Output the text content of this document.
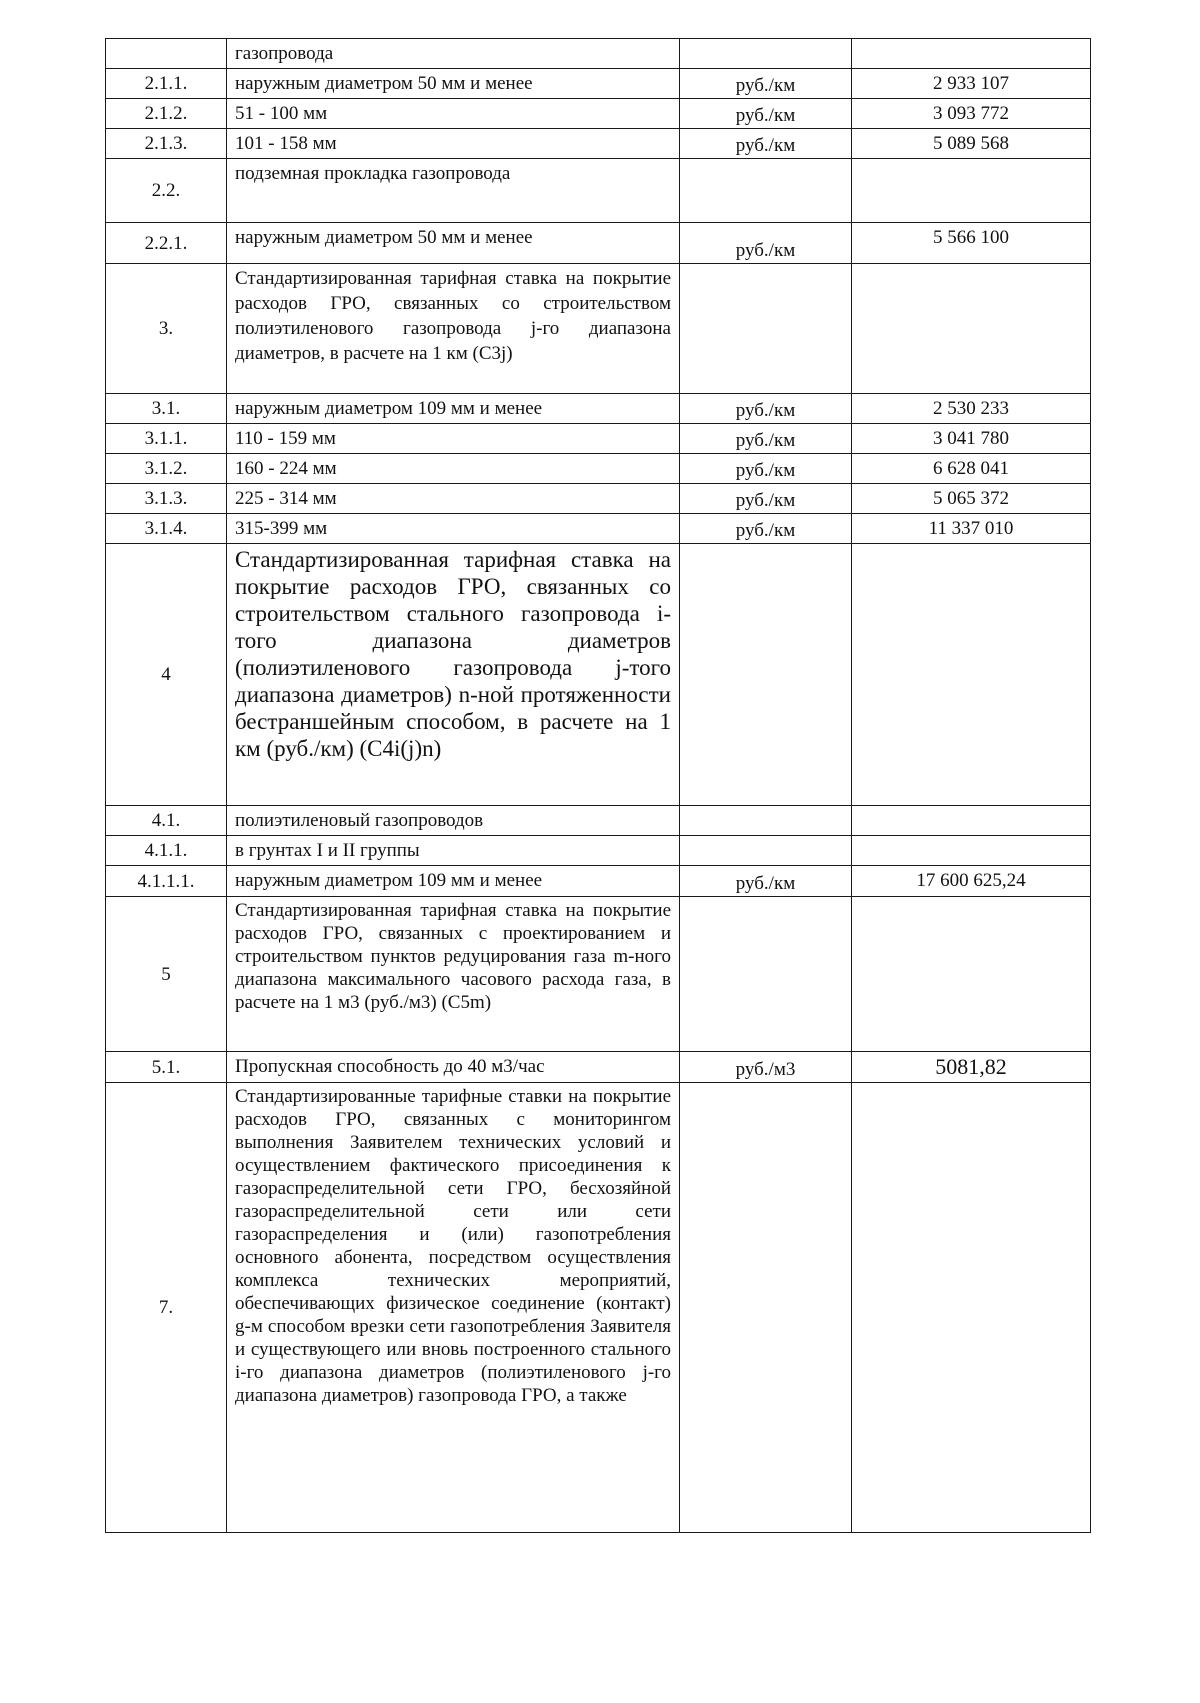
	газопровода		
2.1.1.	наружным диаметром 50 мм и менее	руб./км	2 933 107
2.1.2.	51 - 100 мм	руб./км	3 093 772
2.1.3.	101 - 158 мм	руб./км	5 089 568
2.2.	подземная прокладка газопровода		
2.2.1.	наружным диаметром 50 мм и менее	руб./км	5 566 100
3.	Стандартизированная тарифная ставка на покрытие расходов ГРО, связанных со строительством полиэтиленового газопровода j-го диапазона диаметров, в расчете на 1 км (С3j)		
3.1.	наружным диаметром 109 мм и менее	руб./км	2 530 233
3.1.1.	110 - 159 мм	руб./км	3 041 780
3.1.2.	160 - 224 мм	руб./км	6 628 041
3.1.3.	225 - 314 мм	руб./км	5 065 372
3.1.4.	315-399 мм	руб./км	11 337 010
4	Стандартизированная тарифная ставка на покрытие расходов ГРО, связанных со строительством стального газопровода i-того диапазона диаметров (полиэтиленового газопровода j-того диапазона диаметров) n-ной протяженности бестраншейным способом, в расчете на 1 км (руб./км) (С4i(j)n)		
4.1.	полиэтиленовый газопроводов		
4.1.1.	в грунтах I и II группы		
4.1.1.1.	наружным диаметром 109 мм и менее	руб./км	17 600 625,24
5	Стандартизированная тарифная ставка на покрытие расходов ГРО, связанных с проектированием и строительством пунктов редуцирования газа m-ного диапазона максимального часового расхода газа, в расчете на 1 м3 (руб./м3) (С5m)		
5.1.	Пропускная способность до 40 м3/час	руб./м3	5081,82
7.	Стандартизированные тарифные ставки на покрытие расходов ГРО, связанных с мониторингом выполнения Заявителем технических условий и осуществлением фактического присоединения к газораспределительной сети ГРО, бесхозяйной газораспределительной сети или сети газораспределения и (или) газопотребления основного абонента, посредством осуществления комплекса технических мероприятий, обеспечивающих физическое соединение (контакт) g-м способом врезки сети газопотребления Заявителя и существующего или вновь построенного стального i-го диапазона диаметров (полиэтиленового j-го диапазона диаметров) газопровода ГРО, а также		
